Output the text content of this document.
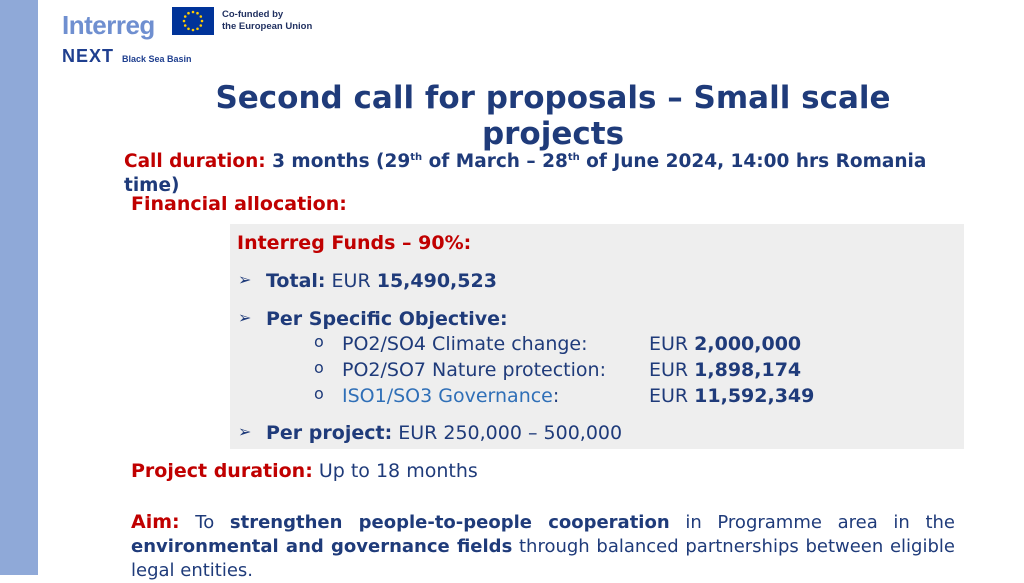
Interreg
NEXT Black Sea Basin
Co-funded by
the European Union
Second call for proposals – Small scale projects
Call duration: 3 months (29th of March – 28th of June 2024, 14:00 hrs Romania time)
Financial allocation:
Interreg Funds – 90%:
➢ Total: EUR 15,490,523
➢ Per Specific Objective:
o PO2/SO4 Climate change:	EUR 2,000,000
o PO2/SO7 Nature protection: EUR 1,898,174
o ISO1/SO3 Governance:	EUR 11,592,349
➢ Per project: EUR 250,000 – 500,000
Project duration: Up to 18 months
Aim: To strengthen people-to-people cooperation in Programme area in the environmental and governance fields through balanced partnerships between eligible legal entities.
